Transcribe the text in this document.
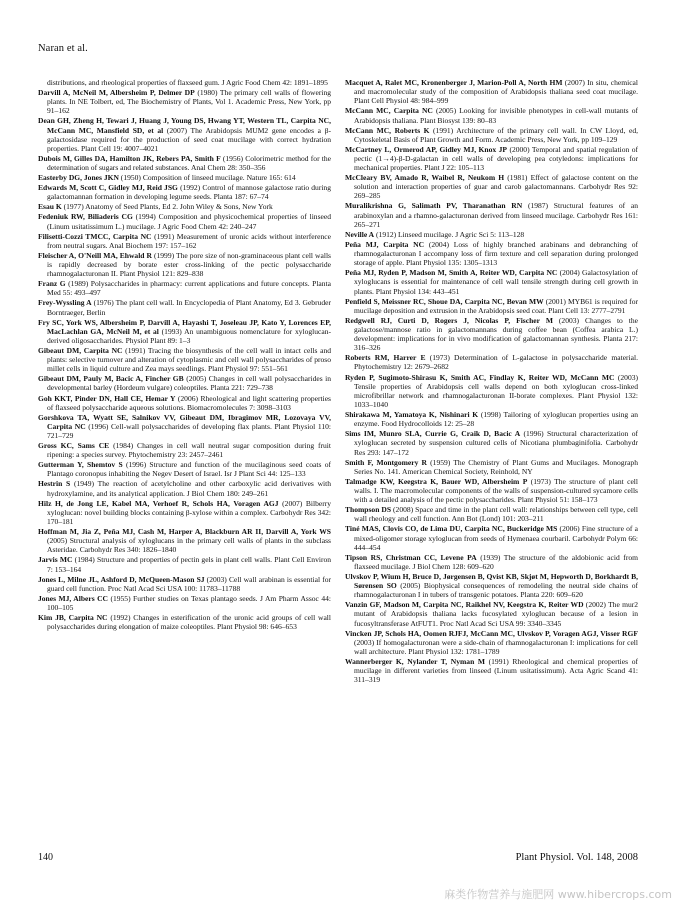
Naran et al.

distributions, and rheological properties of flaxseed gum. J Agric Food Chem 42: 1891–1895

Darvill A, McNeil M, Albersheim P, Delmer DP (1980) The primary cell walls of flowering plants. In NE Tolbert, ed, The Biochemistry of Plants, Vol 1. Academic Press, New York, pp 91–162

Dean GH, Zheng H, Tewari J, Huang J, Young DS, Hwang YT, Western TL, Carpita NC, McCann MC, Mansfield SD, et al (2007) The Arabidopsis MUM2 gene encodes a β-galactosidase required for the production of seed coat mucilage with correct hydration properties. Plant Cell 19: 4007–4021

Dubois M, Gilles DA, Hamilton JK, Rebers PA, Smith F (1956) Colorimetric method for the determination of sugars and related substances. Anal Chem 28: 350–356

Easterby DG, Jones JKN (1950) Composition of linseed mucilage. Nature 165: 614

Edwards M, Scott C, Gidley MJ, Reid JSG (1992) Control of mannose galactose ratio during galactomannan formation in developing legume seeds. Planta 187: 67–74

Esau K (1977) Anatomy of Seed Plants, Ed 2. John Wiley & Sons, New York

Fedeniuk RW, Biliaderis CG (1994) Composition and physicochemical properties of linseed (Linum usitatissimum L.) mucilage. J Agric Food Chem 42: 240–247

Filisetti-Cozzi TMCC, Carpita NC (1991) Measurement of uronic acids without interference from neutral sugars. Anal Biochem 197: 157–162

Fleischer A, O'Neill MA, Ehwald R (1999) The pore size of non-graminaceous plant cell walls is rapidly decreased by borate ester cross-linking of the pectic polysaccharide rhamnogalacturonan II. Plant Physiol 121: 829–838

Franz G (1989) Polysaccharides in pharmacy: current applications and future concepts. Planta Med 55: 493–497

Frey-Wyssling A (1976) The plant cell wall. In Encyclopedia of Plant Anatomy, Ed 3. Gebruder Borntraeger, Berlin

Fry SC, York WS, Albersheim P, Darvill A, Hayashi T, Joseleau JP, Kato Y, Lorences EP, MacLachlan GA, McNeil M, et al (1993) An unambiguous nomenclature for xyloglucan-derived oligosaccharides. Physiol Plant 89: 1–3

Gibeaut DM, Carpita NC (1991) Tracing the biosynthesis of the cell wall in intact cells and plants: selective turnover and alteration of cytoplasmic and cell wall polysaccharides of proso millet cells in liquid culture and Zea mays seedlings. Plant Physiol 97: 551–561

Gibeaut DM, Pauly M, Bacic A, Fincher GB (2005) Changes in cell wall polysaccharides in developmental barley (Hordeum vulgare) coleoptiles. Planta 221: 729–738

Goh KKT, Pinder DN, Hall CE, Hemar Y (2006) Rheological and light scattering properties of flaxseed polysaccharide aqueous solutions. Biomacromolecules 7: 3098–3103

Gorshkova TA, Wyatt SE, Salnikov VV, Gibeaut DM, Ibragimov MR, Lozovaya VV, Carpita NC (1996) Cell-wall polysaccharides of developing flax plants. Plant Physiol 110: 721–729

Gross KC, Sams CE (1984) Changes in cell wall neutral sugar composition during fruit ripening: a species survey. Phytochemistry 23: 2457–2461

Gutterman Y, Shemtov S (1996) Structure and function of the mucilaginous seed coats of Plantago coronopus inhabiting the Negev Desert of Israel. Isr J Plant Sci 44: 125–133

Hestrin S (1949) The reaction of acetylcholine and other carboxylic acid derivatives with hydroxylamine, and its analytical application. J Biol Chem 180: 249–261

Hilz H, de Jong LE, Kabel MA, Verhoef R, Schols HA, Voragen AGJ (2007) Bilberry xyloglucan: novel building blocks containing β-xylose within a complex. Carbohydr Res 342: 170–181

Hoffman M, Jia Z, Peña MJ, Cash M, Harper A, Blackburn AR II, Darvill A, York WS (2005) Structural analysis of xyloglucans in the primary cell walls of plants in the subclass Asteridae. Carbohydr Res 340: 1826–1840

Jarvis MC (1984) Structure and properties of pectin gels in plant cell walls. Plant Cell Environ 7: 153–164

Jones L, Milne JL, Ashford D, McQueen-Mason SJ (2003) Cell wall arabinan is essential for guard cell function. Proc Natl Acad Sci USA 100: 11783–11788

Jones MJ, Albers CC (1955) Further studies on Texas plantago seeds. J Am Pharm Assoc 44: 100–105

Kim JB, Carpita NC (1992) Changes in esterification of the uronic acid groups of cell wall polysaccharides during elongation of maize coleoptiles. Plant Physiol 98: 646–653

Macquet A, Ralet MC, Kronenberger J, Marion-Poll A, North HM (2007) In situ, chemical and macromolecular study of the composition of Arabidopsis thaliana seed coat mucilage. Plant Cell Physiol 48: 984–999

McCann MC, Carpita NC (2005) Looking for invisible phenotypes in cell-wall mutants of Arabidopsis thaliana. Plant Biosyst 139: 80–83

McCann MC, Roberts K (1991) Architecture of the primary cell wall. In CW Lloyd, ed, Cytoskeletal Basis of Plant Growth and Form. Academic Press, New York, pp 109–129

McCartney L, Ormerod AP, Gidley MJ, Knox JP (2000) Temporal and spatial regulation of pectic (1→4)-β-D-galactan in cell walls of developing pea cotyledons: implications for mechanical properties. Plant J 22: 105–113

McCleary BV, Amado R, Waibel R, Neukom H (1981) Effect of galactose content on the solution and interaction properties of guar and carob galactomannans. Carbohydr Res 92: 269–285

Muralikrishna G, Salimath PV, Tharanathan RN (1987) Structural features of an arabinoxylan and a rhamno-galacturonan derived from linseed mucilage. Carbohydr Res 161: 265–271

Neville A (1912) Linseed mucilage. J Agric Sci 5: 113–128

Peña MJ, Carpita NC (2004) Loss of highly branched arabinans and debranching of rhamnogalacturonan I accompany loss of firm texture and cell separation during prolonged storage of apple. Plant Physiol 135: 1305–1313

Peña MJ, Ryden P, Madson M, Smith A, Reiter WD, Carpita NC (2004) Galactosylation of xyloglucans is essential for maintenance of cell wall tensile strength during cell growth in plants. Plant Physiol 134: 443–451

Penfield S, Meissner RC, Shoue DA, Carpita NC, Bevan MW (2001) MYB61 is required for mucilage deposition and extrusion in the Arabidopsis seed coat. Plant Cell 13: 2777–2791

Redgwell RJ, Curti D, Rogers J, Nicolas P, Fischer M (2003) Changes to the galactose/mannose ratio in galactomannans during coffee bean (Coffea arabica L.) development: implications for in vivo modification of galactomannan synthesis. Planta 217: 316–326

Roberts RM, Harrer E (1973) Determination of L-galactose in polysaccharide material. Phytochemistry 12: 2679–2682

Ryden P, Sugimoto-Shirasu K, Smith AC, Findlay K, Reiter WD, McCann MC (2003) Tensile properties of Arabidopsis cell walls depend on both xyloglucan cross-linked microfibrillar network and rhamnogalacturonan II-borate complexes. Plant Physiol 132: 1033–1040

Shirakawa M, Yamatoya K, Nishinari K (1998) Tailoring of xyloglucan properties using an enzyme. Food Hydrocolloids 12: 25–28

Sims IM, Munro SLA, Currie G, Craik D, Bacic A (1996) Structural characterization of xyloglucan secreted by suspension cultured cells of Nicotiana plumbaginifolia. Carbohydr Res 293: 147–172

Smith F, Montgomery R (1959) The Chemistry of Plant Gums and Mucilages. Monograph Series No. 141. American Chemical Society, Reinhold, NY

Talmadge KW, Keegstra K, Bauer WD, Albersheim P (1973) The structure of plant cell walls. I. The macromolecular components of the walls of suspension-cultured sycamore cells with a detailed analysis of the pectic polysaccharides. Plant Physiol 51: 158–173

Thompson DS (2008) Space and time in the plant cell wall: relationships between cell type, cell wall rheology and cell function. Ann Bot (Lond) 101: 203–211

Tiné MAS, Clovis CO, de Lima DU, Carpita NC, Buckeridge MS (2006) Fine structure of a mixed-oligomer storage xyloglucan from seeds of Hymenaea courbaril. Carbohydr Polym 66: 444–454

Tipson RS, Christman CC, Levene PA (1939) The structure of the aldobionic acid from flaxseed mucilage. J Biol Chem 128: 609–620

Ulvskov P, Wium H, Bruce D, Jørgensen B, Qvist KB, Skjøt M, Hepworth D, Borkhardt B, Sørensen SO (2005) Biophysical consequences of remodeling the neutral side chains of rhamnogalacturonan I in tubers of transgenic potatoes. Planta 220: 609–620

Vanzin GF, Madson M, Carpita NC, Raikhel NV, Keegstra K, Reiter WD (2002) The mur2 mutant of Arabidopsis thaliana lacks fucosylated xyloglucan because of a lesion in fucosyltransferase AtFUT1. Proc Natl Acad Sci USA 99: 3340–3345

Vincken JP, Schols HA, Oomen RJFJ, McCann MC, Ulvskov P, Voragen AGJ, Visser RGF (2003) If homogalacturonan were a side-chain of rhamnogalacturonan I: implications for cell wall architecture. Plant Physiol 132: 1781–1789

Wannerberger K, Nylander T, Nyman M (1991) Rheological and chemical properties of mucilage in different varieties from linseed (Linum usitatissimum). Acta Agric Scand 41: 311–319

140	Plant Physiol. Vol. 148, 2008
麻类作物营养与施肥网 www.hibercrops.com
